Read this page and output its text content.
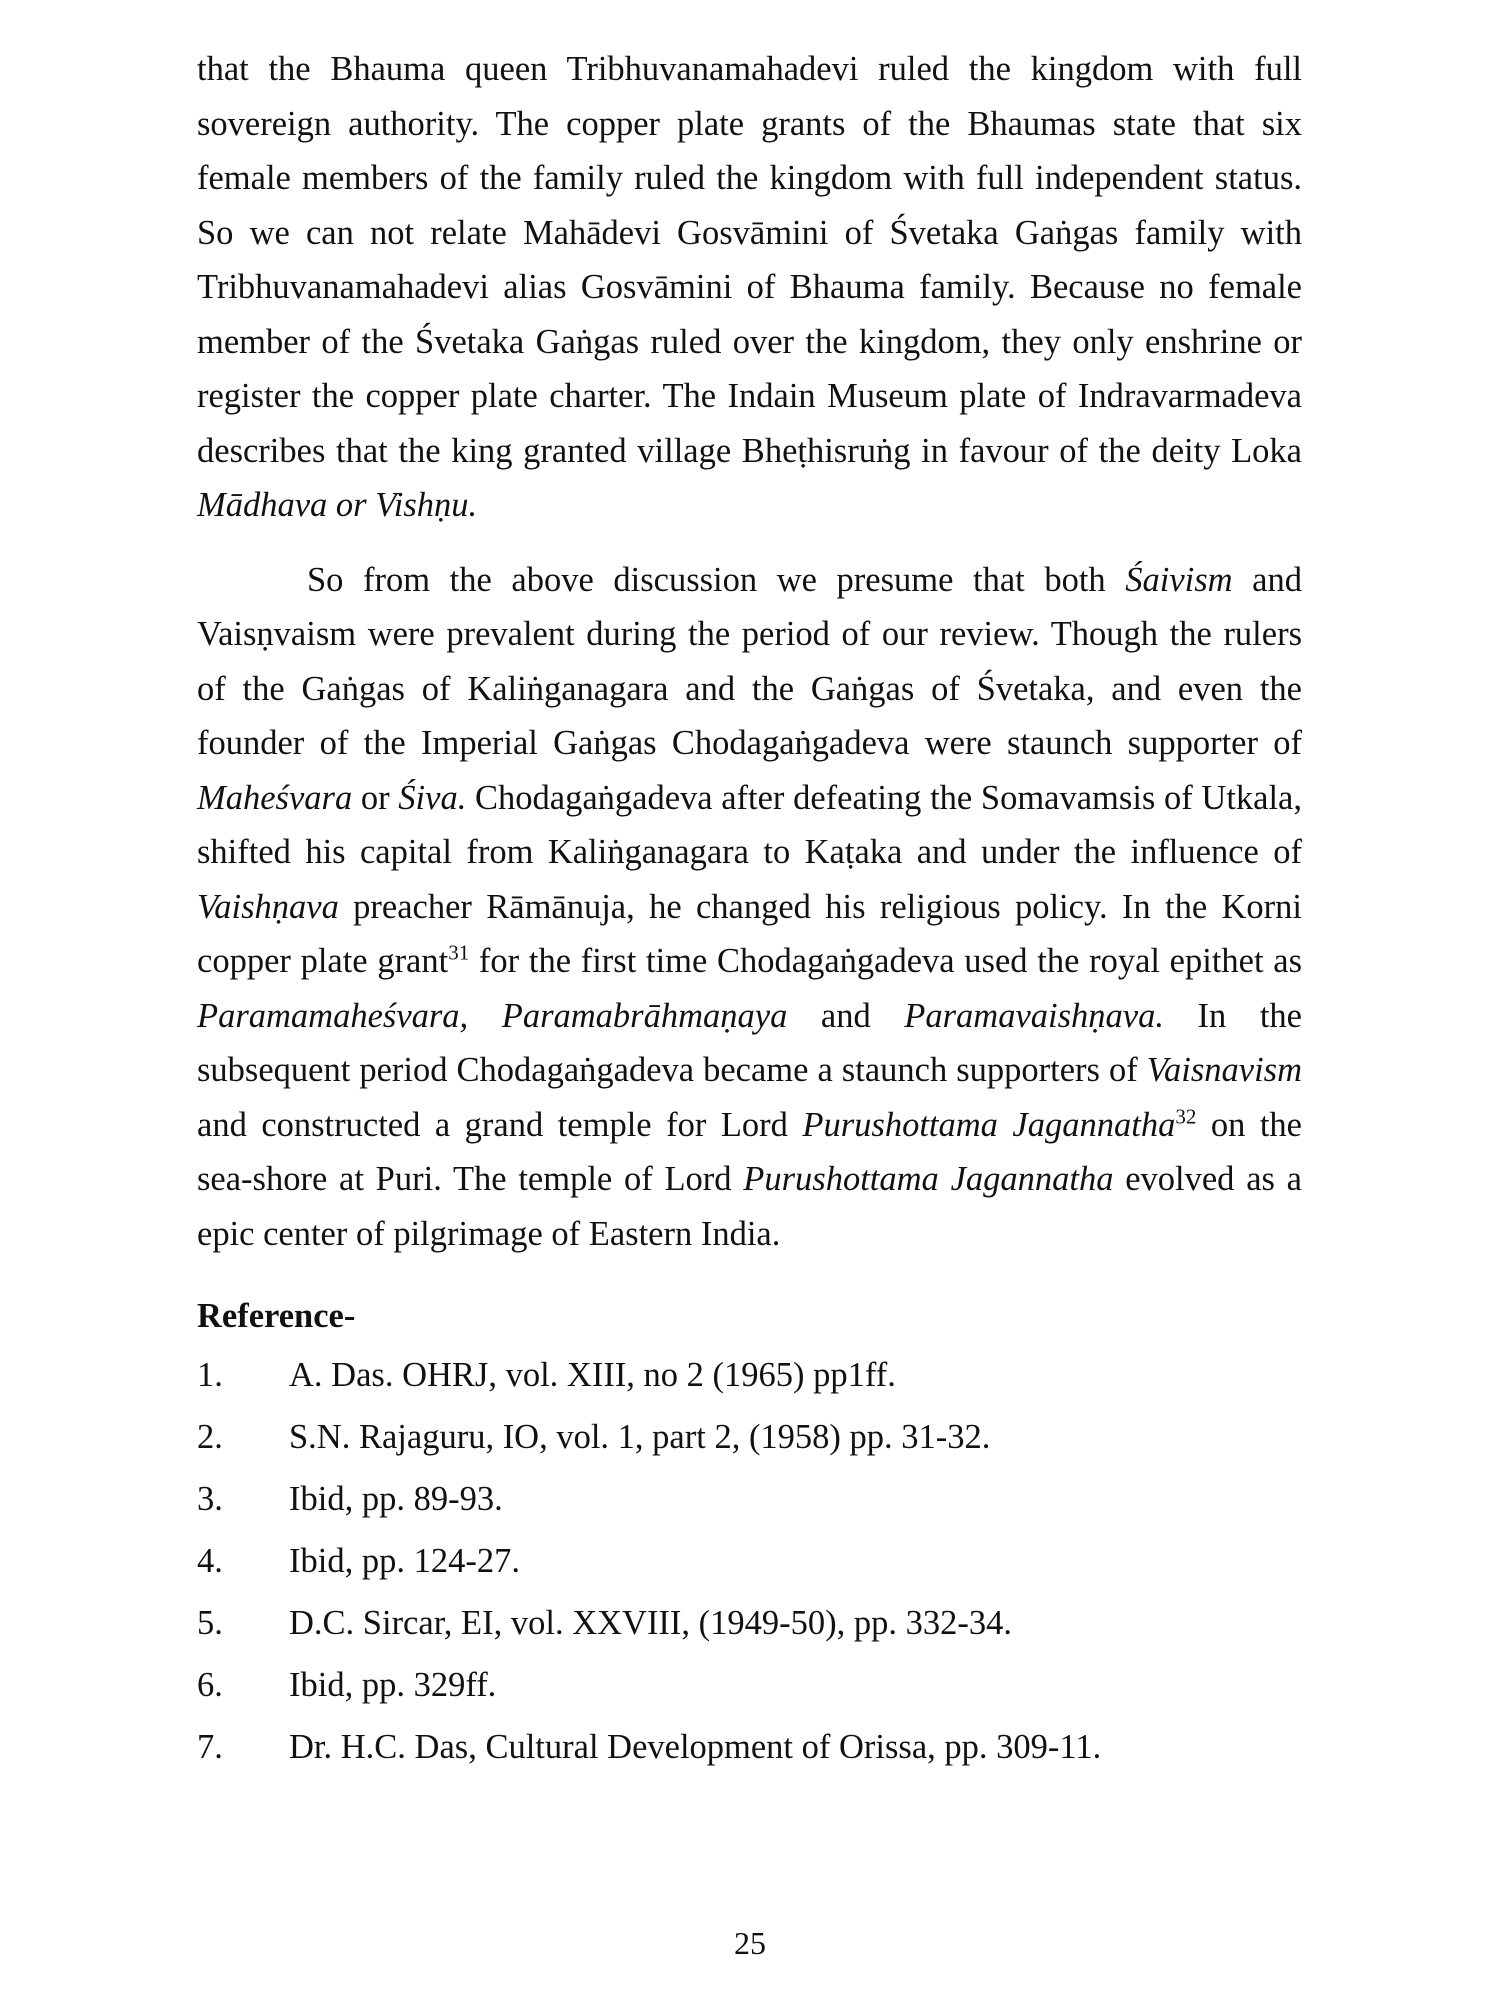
that the Bhauma queen Tribhuvanamahadevi ruled the kingdom with full sovereign authority. The copper plate grants of the Bhaumas state that six female members of the family ruled the kingdom with full independent status. So we can not relate Mahādevi Gosvāmini of Śvetaka Gaṅgas family with Tribhuvanamahadevi alias Gosvāmini of Bhauma family. Because no female member of the Śvetaka Gaṅgas ruled over the kingdom, they only enshrine or register the copper plate charter. The Indain Museum plate of Indravarmadeva describes that the king granted village Bheṭhisruṅg in favour of the deity Loka Mādhava or Vishṇu.

So from the above discussion we presume that both Śaivism and Vaisṇvaism were prevalent during the period of our review. Though the rulers of the Gaṅgas of Kaliṅganagara and the Gaṅgas of Śvetaka, and even the founder of the Imperial Gaṅgas Chodagaṅgadeva were staunch supporter of Maheśvara or Śiva. Chodagaṅgadeva after defeating the Somavamsis of Utkala, shifted his capital from Kaliṅganagara to Kaṭaka and under the influence of Vaishṇava preacher Rāmānuja, he changed his religious policy. In the Korni copper plate grant$^{31}$ for the first time Chodagaṅgadeva used the royal epithet as Paramamaheśvara, Paramabrāhmaṇaya and Paramavaishṇava. In the subsequent period Chodagaṅgadeva became a staunch supporters of Vaisnavism and constructed a grand temple for Lord Purushottama Jagannatha$^{32}$ on the sea-shore at Puri. The temple of Lord Purushottama Jagannatha evolved as a epic center of pilgrimage of Eastern India.

Reference-
1.	A. Das. OHRJ, vol. XIII, no 2 (1965) pp1ff.
2.	S.N. Rajaguru, IO, vol. 1, part 2, (1958) pp. 31-32.
3.	Ibid, pp. 89-93.
4.	Ibid, pp. 124-27.
5.	D.C. Sircar, EI, vol. XXVIII, (1949-50), pp. 332-34.
6.	Ibid, pp. 329ff.
7.	Dr. H.C. Das, Cultural Development of Orissa, pp. 309-11.
25
